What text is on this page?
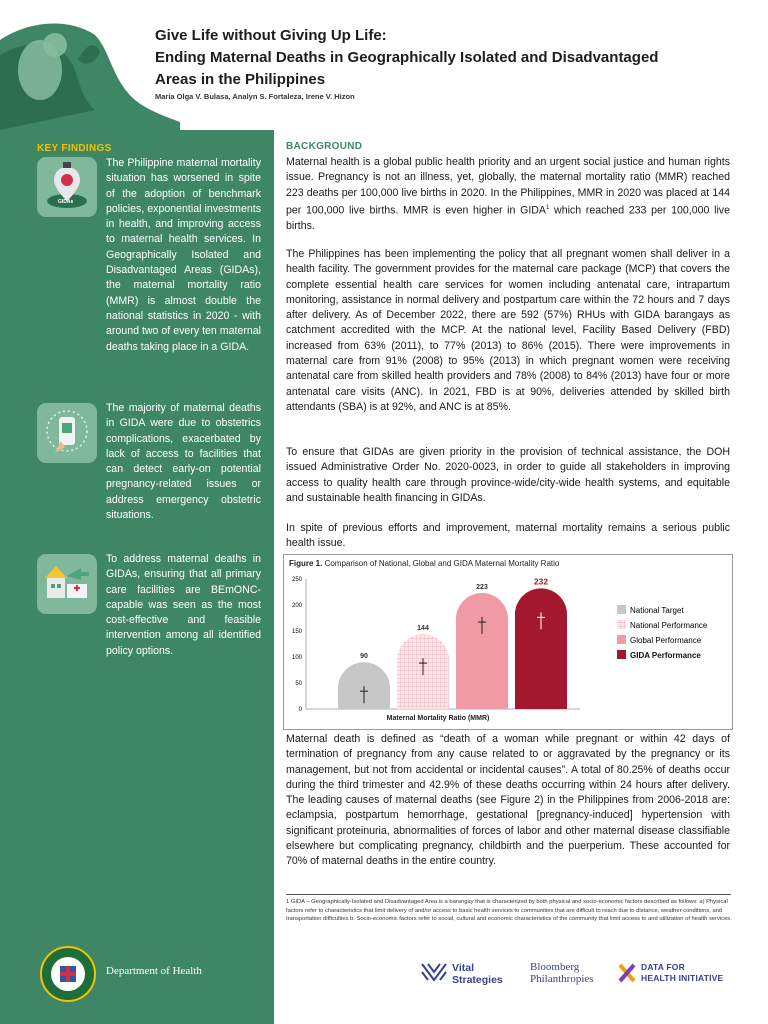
Give Life without Giving Up Life:
Ending Maternal Deaths in Geographically Isolated and Disadvantaged
Areas in the Philippines
Maria Olga V. Bulasa, Analyn S. Fortaleza, Irene V. Hizon
KEY FINDINGS
GIDAs
The Philippine maternal mortality situation has worsened in spite of the adoption of benchmark policies, exponential investments in health, and improving access to maternal health services. In Geographically Isolated and Disadvantaged Areas (GIDAs), the maternal mortality ratio (MMR) is almost double the national statistics in 2020 - with around two of every ten maternal deaths taking place in a GIDA.
The majority of maternal deaths in GIDA were due to obstetrics complications, exacerbated by lack of access to facilities that can detect early-on potential pregnancy-related issues or address emergency obstetric situations.
To address maternal deaths in GIDAs, ensuring that all primary care facilities are BEmONC-capable was seen as the most cost-effective and feasible intervention among all identified policy options.
Department of Health
BACKGROUND
Maternal health is a global public health priority and an urgent social justice and human rights issue. Pregnancy is not an illness, yet, globally, the maternal mortality ratio (MMR) reached 223 deaths per 100,000 live births in 2020. In the Philippines, MMR in 2020 was placed at 144 per 100,000 live births. MMR is even higher in GIDA$^1$ which reached 233 per 100,000 live births.
The Philippines has been implementing the policy that all pregnant women shall deliver in a health facility. The government provides for the maternal care package (MCP) that covers the complete essential health care services for women including antenatal care, intrapartum monitoring, assistance in normal delivery and postpartum care within the 72 hours and 7 days after delivery. As of December 2022, there are 592 (57%) RHUs with GIDA barangays as catchment accredited with the MCP. At the national level, Facility Based Delivery (FBD) increased from 63% (2011), to 77% (2013) to 86% (2015). There were improvements in maternal care from 91% (2008) to 95% (2013) in which pregnant women were receiving antenatal care from skilled health providers and 78% (2008) to 84% (2013) have four or more antenatal care visits (ANC). In 2021, FBD is at 90%, deliveries attended by skilled birth attendants (SBA) is at 92%, and ANC is at 85%.
To ensure that GIDAs are given priority in the provision of technical assistance, the DOH issued Administrative Order No. 2020-0023, in order to guide all stakeholders in improving access to quality health care through province-wide/city-wide health systems, and equitable and sustainable health financing in GIDAs.
In spite of previous efforts and improvement, maternal mortality remains a serious public health issue.
Figure 1. Comparison of National, Global and GIDA Maternal Mortality Ratio
0
50
100
150
200
250
90
144
223
232
National Target
National Performance
Global Performance
GIDA Performance
Maternal Mortality Ratio (MMR)
Maternal death is defined as “death of a woman while pregnant or within 42 days of termination of pregnancy from any cause related to or aggravated by the pregnancy or its management, but not from accidental or incidental causes”. A total of 80.25% of deaths occur during the third trimester and 42.9% of these deaths occurring within 24 hours after delivery. The leading causes of maternal deaths (see Figure 2) in the Philippines from 2006-2018 are: eclampsia, postpartum hemorrhage, gestational [pregnancy-induced] hypertension with significant proteinuria, abnormalities of forces of labor and other maternal disease classifiable elsewhere but complicating pregnancy, childbirth and the puerperium. These accounted for 70% of maternal deaths in the entire country.
1 GIDA – Geographically-Isolated and Disadvantaged Area is a barangay that is characterized by both physical and socio-economic factors described as follows: a) Physical factors refer to characteristics that limit delivery of and/or access to basic health services to communities that are difficult to reach due to distance, weather conditions, and transportation difficulties b. Socio-economic factors refer to social, cultural and economic characteristics of the community that limit access to and utilization of health services.
Vital
Strategies
Bloomberg
Philanthropies
DATA FOR
HEALTH INITIATIVE
